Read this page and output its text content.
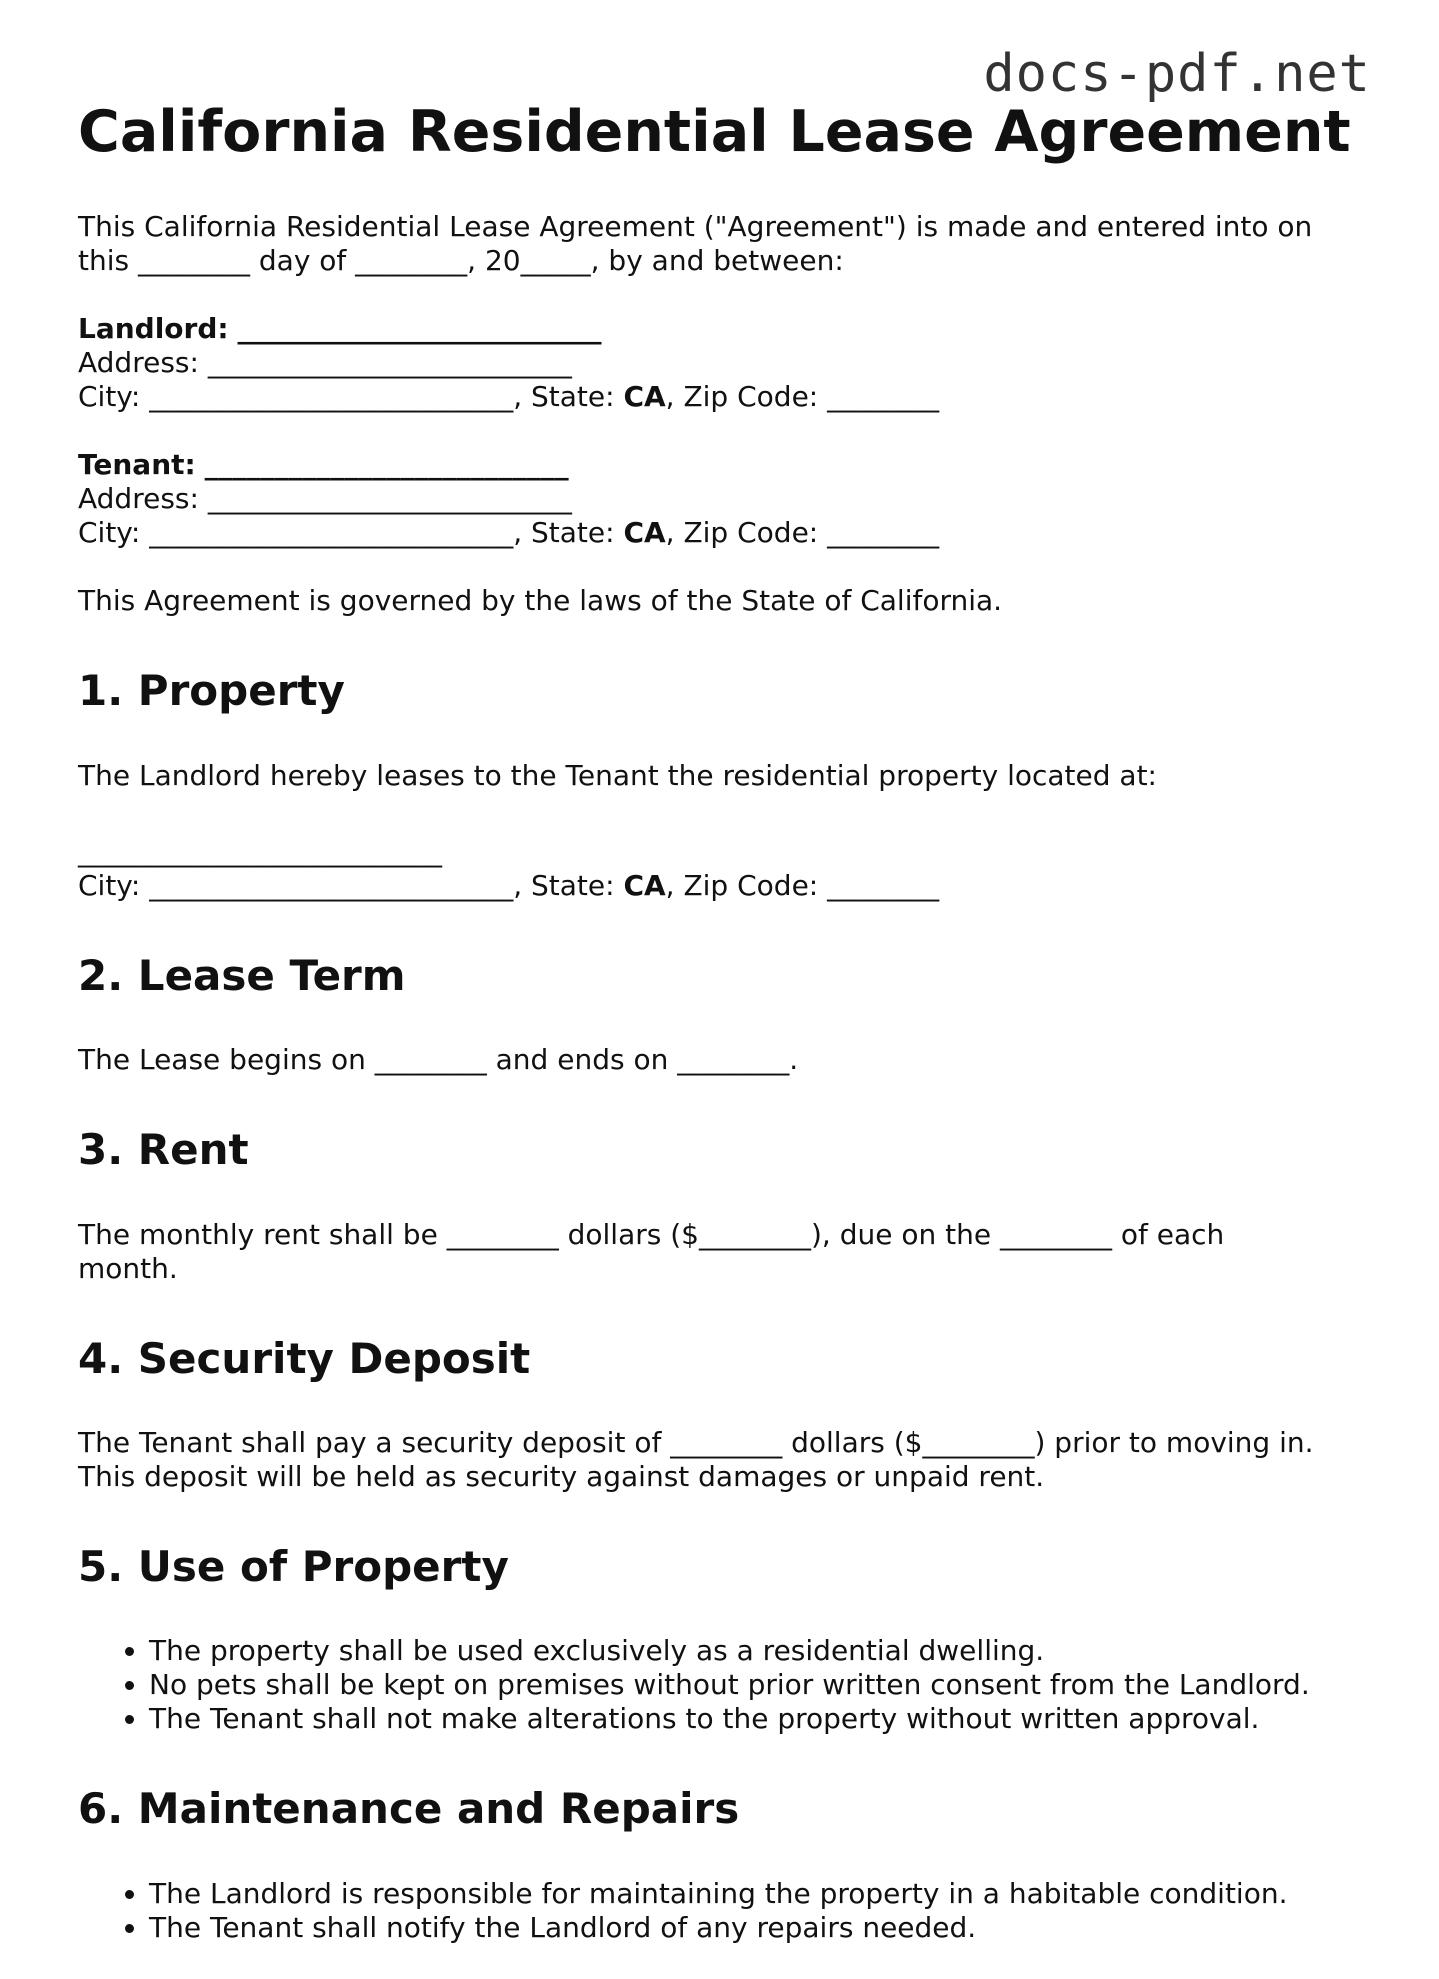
docs-pdf.net
California Residential Lease Agreement

This California Residential Lease Agreement ("Agreement") is made and entered into on
this ________ day of ________, 20_____, by and between:

Landlord: __________________________
Address: __________________________
City: __________________________, State: CA, Zip Code: ________
Tenant: __________________________
Address: __________________________
City: __________________________, State: CA, Zip Code: ________

This Agreement is governed by the laws of the State of California.

1. Property

The Landlord hereby leases to the Tenant the residential property located at:

__________________________
City: __________________________, State: CA, Zip Code: ________
2. Lease Term

The Lease begins on ________ and ends on ________.

3. Rent

The monthly rent shall be ________ dollars ($________), due on the ________ of each month.

4. Security Deposit

The Tenant shall pay a security deposit of ________ dollars ($________) prior to moving in. This deposit will be held as security against damages or unpaid rent.

5. Use of Property
• The property shall be used exclusively as a residential dwelling.
• No pets shall be kept on premises without prior written consent from the Landlord.
• The Tenant shall not make alterations to the property without written approval.
6. Maintenance and Repairs
• The Landlord is responsible for maintaining the property in a habitable condition.
• The Tenant shall notify the Landlord of any repairs needed.
